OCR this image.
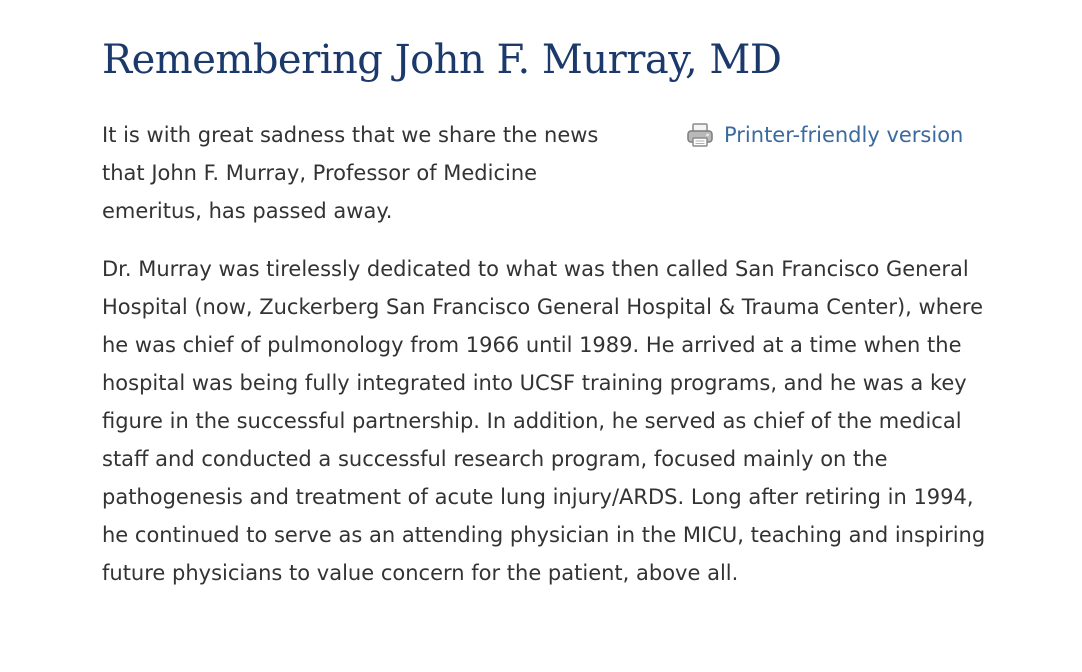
Remembering John F. Murray, MD

It is with great sadness that we share the news that John F. Murray, Professor of Medicine emeritus, has passed away.

Printer-friendly version

Dr. Murray was tirelessly dedicated to what was then called San Francisco General Hospital (now, Zuckerberg San Francisco General Hospital & Trauma Center), where he was chief of pulmonology from 1966 until 1989. He arrived at a time when the hospital was being fully integrated into UCSF training programs, and he was a key figure in the successful partnership. In addition, he served as chief of the medical staff and conducted a successful research program, focused mainly on the pathogenesis and treatment of acute lung injury/ARDS. Long after retiring in 1994, he continued to serve as an attending physician in the MICU, teaching and inspiring future physicians to value concern for the patient, above all.
